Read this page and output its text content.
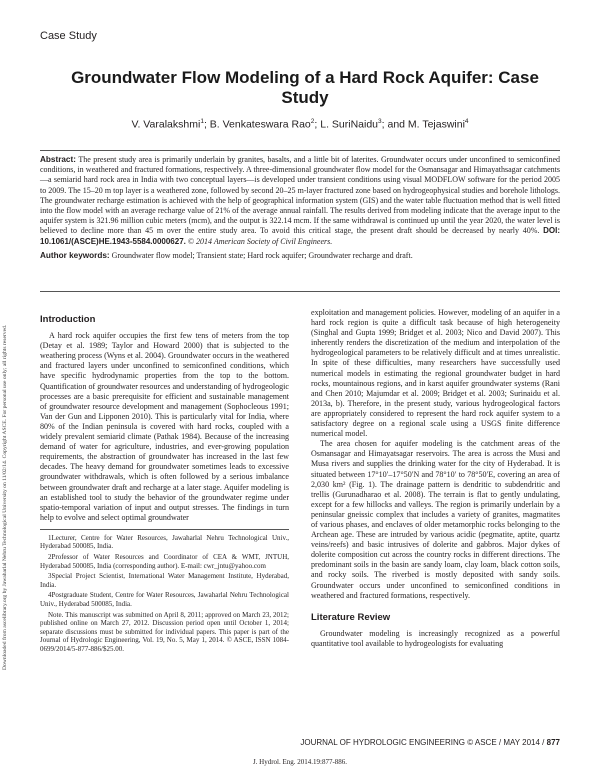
Downloaded from ascelibrary.org by Jawaharlal Nehru Technological University on 11/02/14. Copyright ASCE. For personal use only; all rights reserved.
Case Study
Groundwater Flow Modeling of a Hard Rock Aquifer: Case Study
V. Varalakshmi$^1$; B. Venkateswara Rao$^2$; L. SuriNaidu$^3$; and M. Tejaswini$^4$

Abstract: The present study area is primarily underlain by granites, basalts, and a little bit of laterites. Groundwater occurs under unconfined to semiconfined conditions, in weathered and fractured formations, respectively. A three-dimensional groundwater flow model for the Osmansagar and Himayathsagar catchments—a semiarid hard rock area in India with two conceptual layers—is developed under transient conditions using visual MODFLOW software for the period 2005 to 2009. The 15–20 m top layer is a weathered zone, followed by second 20–25 m-layer fractured zone based on hydrogeophysical studies and borehole lithologs. The groundwater recharge estimation is achieved with the help of geographical information system (GIS) and the water table fluctuation method that is well fitted into the flow model with an average recharge value of 21% of the average annual rainfall. The results derived from modeling indicate that the average input to the aquifer system is 321.96 million cubic meters (mcm), and the output is 322.14 mcm. If the same withdrawal is continued up until the year 2020, the water level is believed to decline more than 45 m over the entire study area. To avoid this critical stage, the present draft should be decreased by nearly 40%. DOI: 10.1061/(ASCE)HE.1943-5584.0000627. © 2014 American Society of Civil Engineers.

Author keywords: Groundwater flow model; Transient state; Hard rock aquifer; Groundwater recharge and draft.

Introduction

A hard rock aquifer occupies the first few tens of meters from the top (Detay et al. 1989; Taylor and Howard 2000) that is subjected to the weathering process (Wyns et al. 2004). Groundwater occurs in the weathered and fractured layers under unconfined to semiconfined conditions, which have specific hydrodynamic properties from the top to the bottom. Quantification of groundwater resources and understanding of hydrogeologic processes are a basic prerequisite for efficient and sustainable management of groundwater resource development and management (Sophocleous 1991; Van der Gun and Lipponen 2010). This is particularly vital for India, where 80% of the Indian peninsula is covered with hard rocks, coupled with a widely prevalent semiarid climate (Pathak 1984). Because of the increasing demand of water for agriculture, industries, and ever-growing population requirements, the abstraction of groundwater has increased in the last few decades. The heavy demand for groundwater sometimes leads to excessive groundwater withdrawals, which is often followed by a serious imbalance between groundwater draft and recharge at a later stage. Aquifer modeling is an established tool to study the behavior of the groundwater regime under spatio-temporal variation of input and output stresses. The findings in turn help to evolve and select optimal groundwater

1Lecturer, Centre for Water Resources, Jawaharlal Nehru Technological Univ., Hyderabad 500085, India.

2Professor of Water Resources and Coordinator of CEA & WMT, JNTUH, Hyderabad 500085, India (corresponding author). E-mail: cwr_jntu@yahoo.com

3Special Project Scientist, International Water Management Institute, Hyderabad, India.

4Postgraduate Student, Centre for Water Resources, Jawaharlal Nehru Technological Univ., Hyderabad 500085, India.

Note. This manuscript was submitted on April 8, 2011; approved on March 23, 2012; published online on March 27, 2012. Discussion period open until October 1, 2014; separate discussions must be submitted for individual papers. This paper is part of the Journal of Hydrologic Engineering, Vol. 19, No. 5, May 1, 2014. © ASCE, ISSN 1084-0699/2014/5-877-886/$25.00.

exploitation and management policies. However, modeling of an aquifer in a hard rock region is quite a difficult task because of high heterogeneity (Singhal and Gupta 1999; Bridget et al. 2003; Nico and David 2007). This inherently renders the discretization of the medium and interpolation of the hydrogeological parameters to be relatively difficult and at times unrealistic. In spite of these difficulties, many researchers have successfully used numerical models in estimating the regional groundwater budget in hard rocks, mountainous regions, and in karst aquifer groundwater systems (Rani and Chen 2010; Majumdar et al. 2009; Bridget et al. 2003; Surinaidu et al. 2013a, b). Therefore, in the present study, various hydrogeological factors are appropriately considered to represent the hard rock aquifer system to a satisfactory degree on a regional scale using a USGS finite difference numerical model.

The area chosen for aquifer modeling is the catchment areas of the Osmansagar and Himayatsagar reservoirs. The area is across the Musi and Musa rivers and supplies the drinking water for the city of Hyderabad. It is situated between 17°10′–17°50′N and 78°10′ to 78°50′E, covering an area of 2,030 km² (Fig. 1). The drainage pattern is dendritic to subdendritic and trellis (Gurunadharao et al. 2008). The terrain is flat to gently undulating, except for a few hillocks and valleys. The region is primarily underlain by a peninsular gneissic complex that includes a variety of granites, magmatites of various phases, and enclaves of older metamorphic rocks belonging to the Archean age. These are intruded by various acidic (pegmatite, aptite, quartz veins/reefs) and basic intrusives of dolerite and gabbros. Major dykes of dolerite composition cut across the country rocks in different directions. The predominant soils in the basin are sandy loam, clay loam, black cotton soils, and rocky soils. The riverbed is mostly deposited with sandy soils. Groundwater occurs under unconfined to semiconfined conditions in weathered and fractured formations, respectively.

Literature Review

Groundwater modeling is increasingly recognized as a powerful quantitative tool available to hydrogeologists for evaluating

JOURNAL OF HYDROLOGIC ENGINEERING © ASCE / MAY 2014 / 877
J. Hydrol. Eng. 2014.19:877-886.
